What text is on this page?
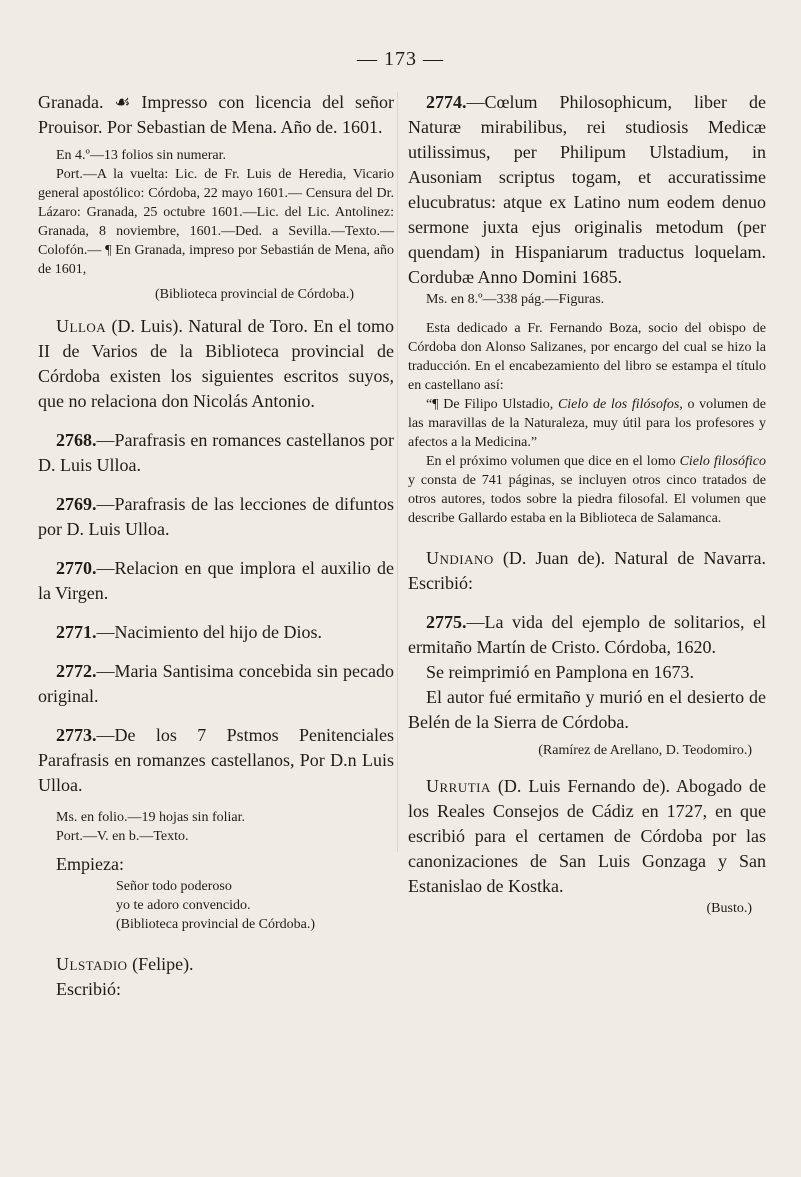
— 173 —

Granada. ☙ Impresso con licencia del señor Prouisor. Por Sebastian de Mena. Año de. 1601.

En 4.º—13 folios sin numerar.

Port.—A la vuelta: Lic. de Fr. Luis de Heredia, Vicario general apostólico: Córdoba, 22 mayo 1601.— Censura del Dr. Lázaro: Granada, 25 octubre 1601.—Lic. del Lic. Antolinez: Granada, 8 noviembre, 1601.—Ded. a Sevilla.—Texto.—Colofón.— ¶ En Granada, impreso por Sebastián de Mena, año de 1601,

(Biblioteca provincial de Córdoba.)

Ulloa (D. Luis). Natural de Toro. En el tomo II de Varios de la Biblioteca provincial de Córdoba existen los siguientes escritos suyos, que no relaciona don Nicolás Antonio.

2768.—Parafrasis en romances castellanos por D. Luis Ulloa.

2769.—Parafrasis de las lecciones de difuntos por D. Luis Ulloa.

2770.—Relacion en que implora el auxilio de la Virgen.

2771.—Nacimiento del hijo de Dios.

2772.—Maria Santisima concebida sin pecado original.

2773.—De los 7 Pstmos Penitenciales Parafrasis en romanzes castellanos, Por D.n Luis Ulloa.

Ms. en folio.—19 hojas sin foliar.

Port.—V. en b.—Texto.

Empieza:

Señor todo poderoso

yo te adoro convencido.

(Biblioteca provincial de Córdoba.)

Ulstadio (Felipe).

Escribió:

2774.—Cœlum Philosophicum, liber de Naturæ mirabilibus, rei studiosis Medicæ utilissimus, per Philipum Ulstadium, in Ausoniam scriptus togam, et accuratissime elucubratus: atque ex Latino num eodem denuo sermone juxta ejus originalis metodum (per quendam) in Hispaniarum traductus loquelam. Cordubæ Anno Domini 1685.

Ms. en 8.º—338 pág.—Figuras.

Esta dedicado a Fr. Fernando Boza, socio del obispo de Córdoba don Alonso Salizanes, por encargo del cual se hizo la traducción. En el encabezamiento del libro se estampa el título en castellano así:

“¶ De Filipo Ulstadio, Cielo de los filósofos, o volumen de las maravillas de la Naturaleza, muy útil para los profesores y afectos a la Medicina.”

En el próximo volumen que dice en el lomo Cielo filosófico y consta de 741 páginas, se incluyen otros cinco tratados de otros autores, todos sobre la piedra filosofal. El volumen que describe Gallardo estaba en la Biblioteca de Salamanca.

Undiano (D. Juan de). Natural de Navarra. Escribió:

2775.—La vida del ejemplo de solitarios, el ermitaño Martín de Cristo. Córdoba, 1620.

Se reimprimió en Pamplona en 1673.

El autor fué ermitaño y murió en el desierto de Belén de la Sierra de Córdoba.

(Ramírez de Arellano, D. Teodomiro.)

Urrutia (D. Luis Fernando de). Abogado de los Reales Consejos de Cádiz en 1727, en que escribió para el certamen de Córdoba por las canonizaciones de San Luis Gonzaga y San Estanislao de Kostka.

(Busto.)
